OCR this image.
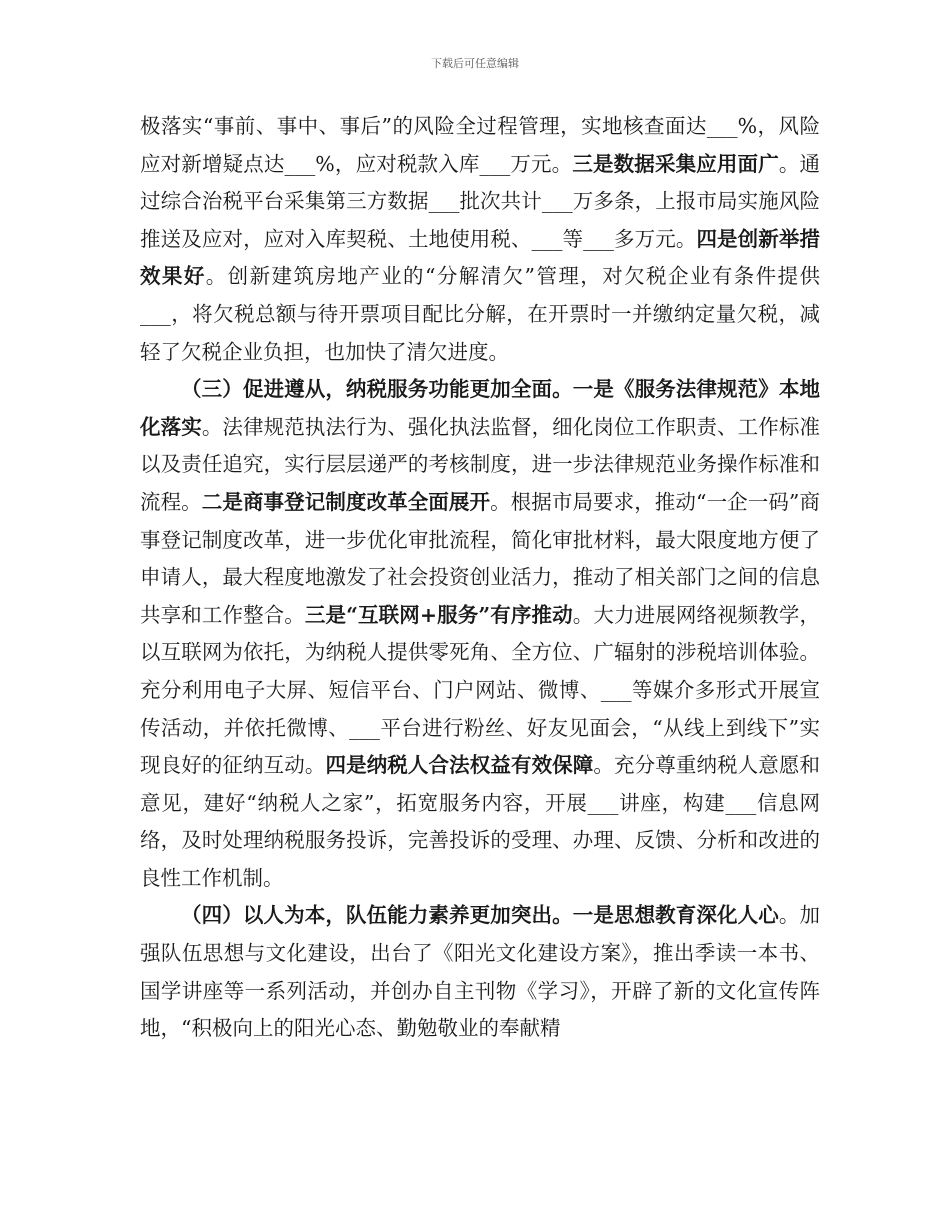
下载后可任意编辑

极落实“事前、事中、事后”的风险全过程管理，实地核查面达___%，风险应对新增疑点达___%，应对税款入库___万元。三是数据采集应用面广。通过综合治税平台采集第三方数据___批次共计___万多条，上报市局实施风险推送及应对，应对入库契税、土地使用税、___等___多万元。四是创新举措效果好。创新建筑房地产业的“分解清欠”管理，对欠税企业有条件提供___，将欠税总额与待开票项目配比分解，在开票时一并缴纳定量欠税，减轻了欠税企业负担，也加快了清欠进度。

（三）促进遵从，纳税服务功能更加全面。一是《服务法律规范》本地化落实。法律规范执法行为、强化执法监督，细化岗位工作职责、工作标准以及责任追究，实行层层递严的考核制度，进一步法律规范业务操作标准和流程。二是商事登记制度改革全面展开。根据市局要求，推动“一企一码”商事登记制度改革，进一步优化审批流程，简化审批材料，最大限度地方便了申请人，最大程度地激发了社会投资创业活力，推动了相关部门之间的信息共享和工作整合。三是“互联网+服务”有序推动。大力进展网络视频教学，以互联网为依托，为纳税人提供零死角、全方位、广辐射的涉税培训体验。充分利用电子大屏、短信平台、门户网站、微博、___等媒介多形式开展宣传活动，并依托微博、___平台进行粉丝、好友见面会，“从线上到线下”实现良好的征纳互动。四是纳税人合法权益有效保障。充分尊重纳税人意愿和意见，建好“纳税人之家”，拓宽服务内容，开展___讲座，构建___信息网络，及时处理纳税服务投诉，完善投诉的受理、办理、反馈、分析和改进的良性工作机制。

（四）以人为本，队伍能力素养更加突出。一是思想教育深化人心。加强队伍思想与文化建设，出台了《阳光文化建设方案》，推出季读一本书、国学讲座等一系列活动，并创办自主刊物《学习》，开辟了新的文化宣传阵地，“积极向上的阳光心态、勤勉敬业的奉献精
